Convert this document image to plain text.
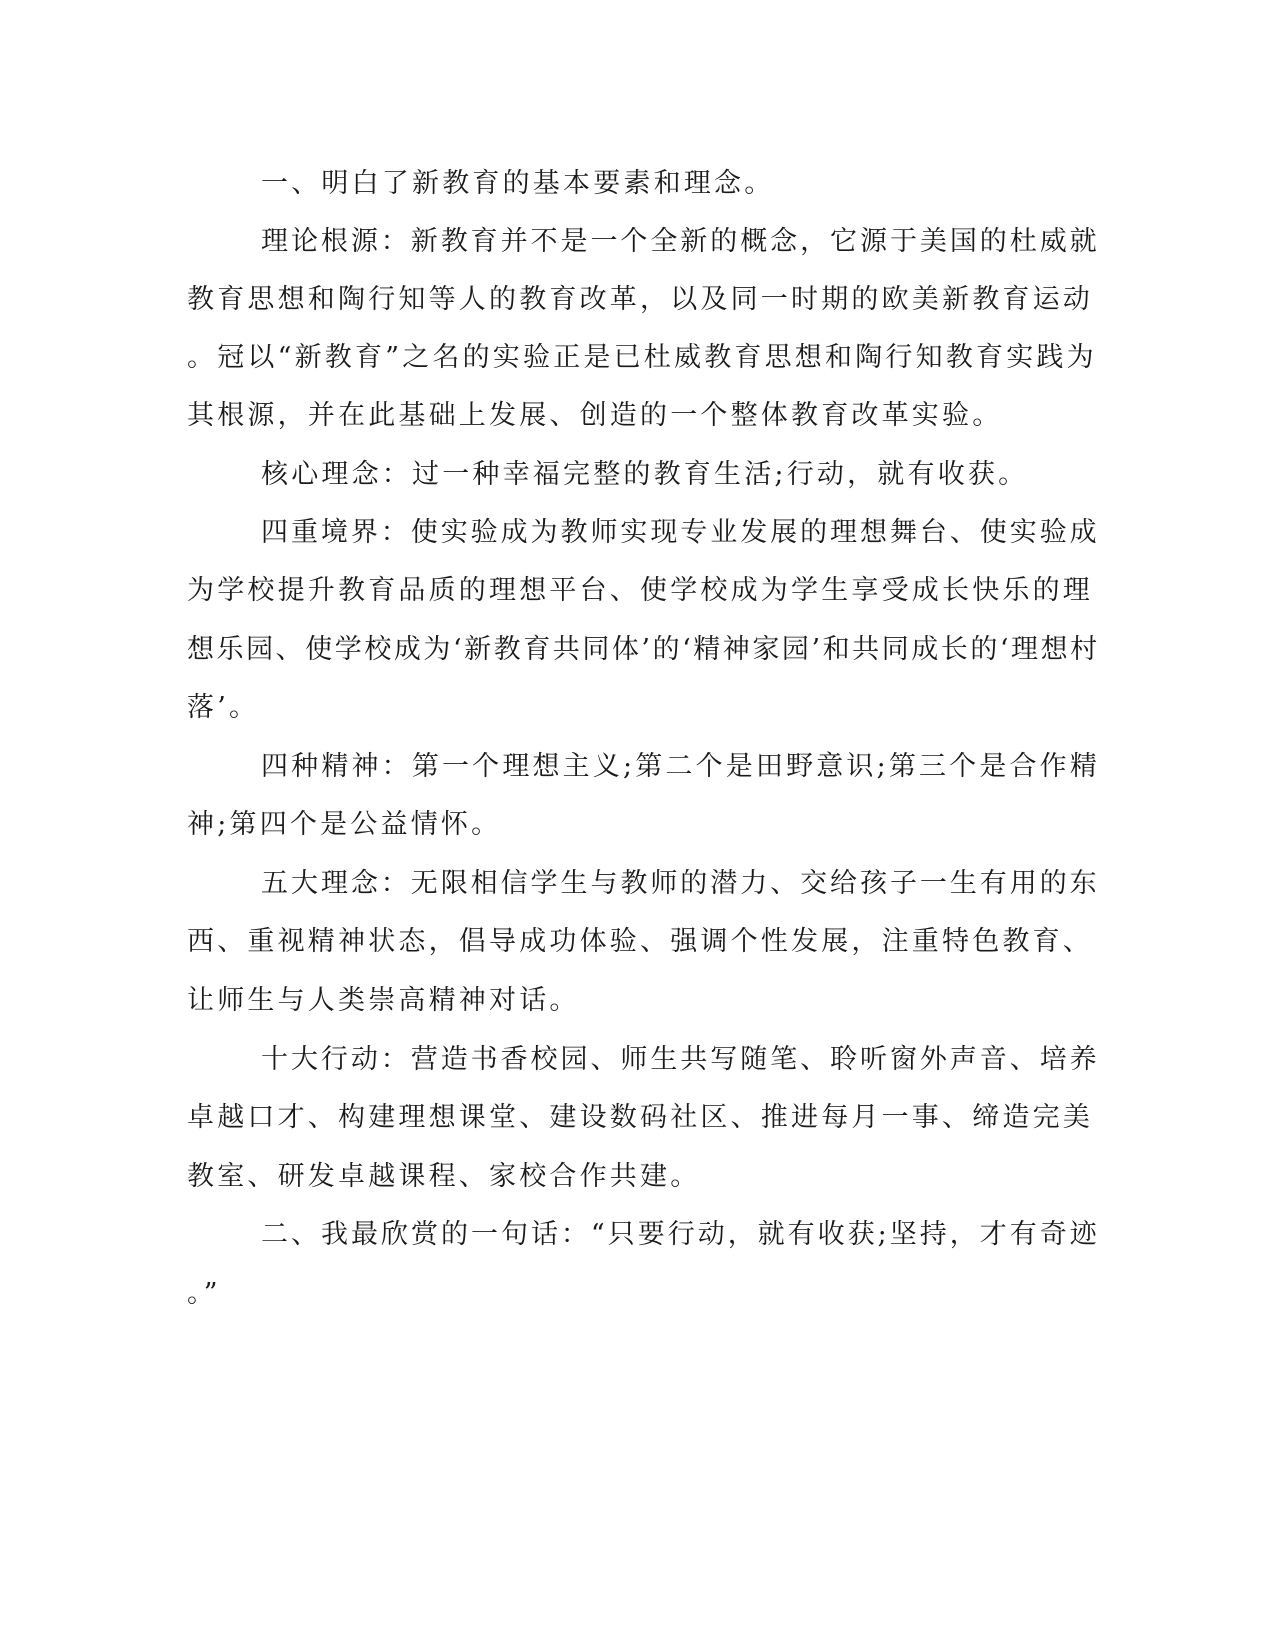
一、明白了新教育的基本要素和理念。
理论根源：新教育并不是一个全新的概念，它源于美国的杜威就
教育思想和陶行知等人的教育改革，以及同一时期的欧美新教育运动
。冠以“新教育”之名的实验正是已杜威教育思想和陶行知教育实践为
其根源，并在此基础上发展、创造的一个整体教育改革实验。
核心理念：过一种幸福完整的教育生活;行动，就有收获。
四重境界：使实验成为教师实现专业发展的理想舞台、使实验成
为学校提升教育品质的理想平台、使学校成为学生享受成长快乐的理
想乐园、使学校成为‘新教育共同体’的‘精神家园’和共同成长的‘理想村
落’。
四种精神：第一个理想主义;第二个是田野意识;第三个是合作精
神;第四个是公益情怀。
五大理念：无限相信学生与教师的潜力、交给孩子一生有用的东
西、重视精神状态，倡导成功体验、强调个性发展，注重特色教育、
让师生与人类崇高精神对话。
十大行动：营造书香校园、师生共写随笔、聆听窗外声音、培养
卓越口才、构建理想课堂、建设数码社区、推进每月一事、缔造完美
教室、研发卓越课程、家校合作共建。
二、我最欣赏的一句话：“只要行动，就有收获;坚持，才有奇迹
。”
